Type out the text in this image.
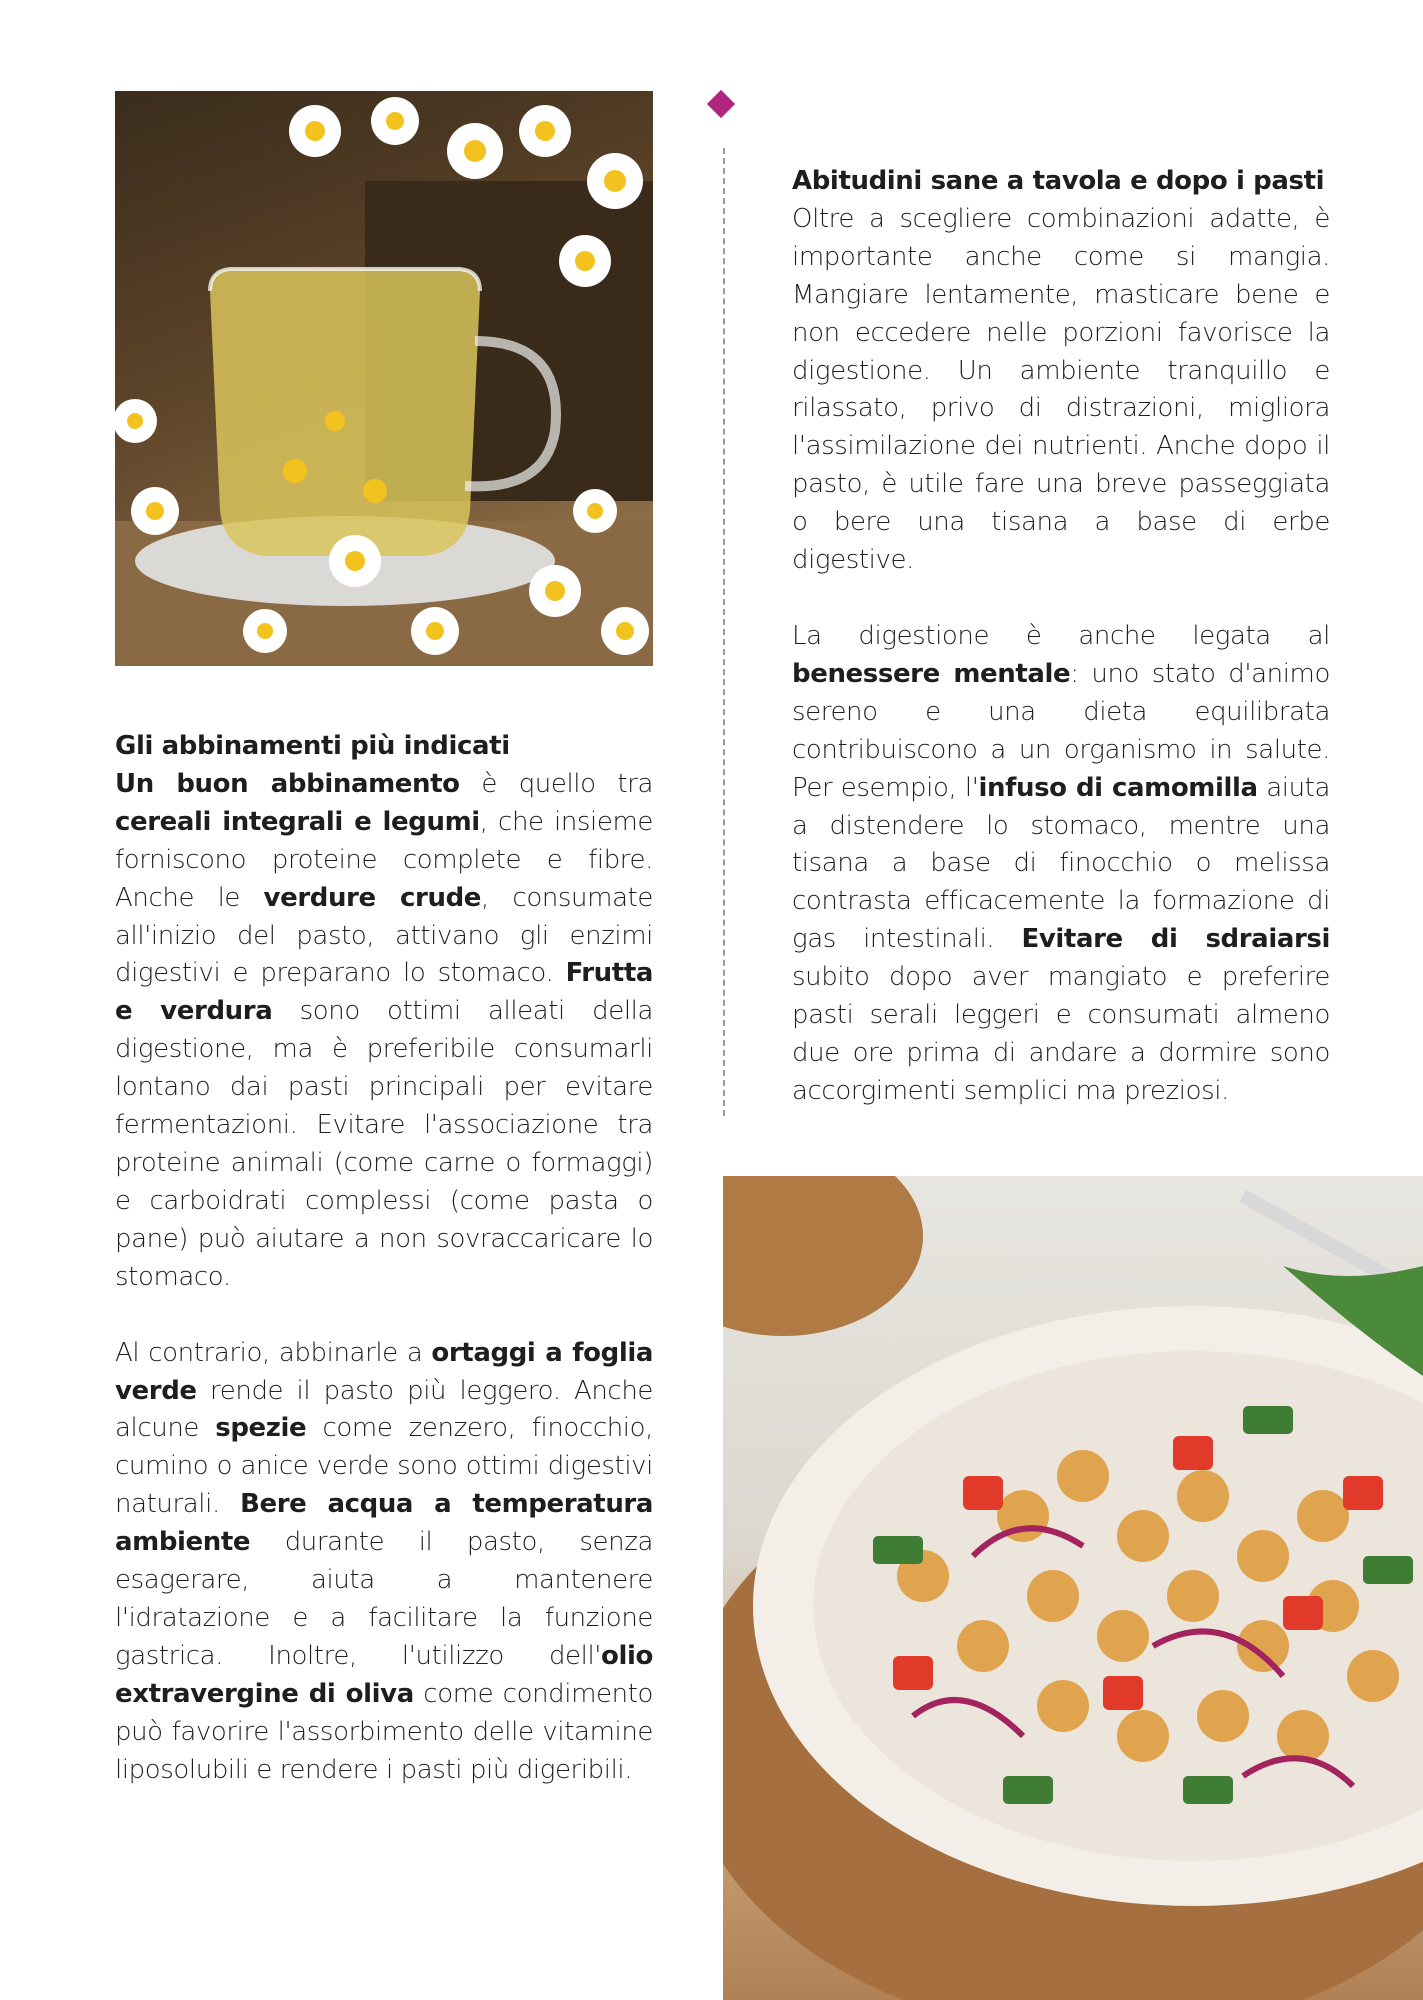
Abitudini sane a tavola e dopo i pasti

Oltre a scegliere combinazioni adatte, è importante anche come si mangia. Mangiare lentamente, masticare bene e non eccedere nelle porzioni favorisce la digestione. Un ambiente tranquillo e rilassato, privo di distrazioni, migliora l'assimilazione dei nutrienti. Anche dopo il pasto, è utile fare una breve passeggiata o bere una tisana a base di erbe digestive.

La digestione è anche legata al benessere mentale: uno stato d'animo sereno e una dieta equilibrata contribuiscono a un organismo in salute. Per esempio, l'infuso di camomilla aiuta a distendere lo stomaco, mentre una tisana a base di finocchio o melissa contrasta efficacemente la formazione di gas intestinali. Evitare di sdraiarsi subito dopo aver mangiato e preferire pasti serali leggeri e consumati almeno due ore prima di andare a dormire sono accorgimenti semplici ma preziosi.

Gli abbinamenti più indicati

Un buon abbinamento è quello tra cereali integrali e legumi, che insieme forniscono proteine complete e fibre. Anche le verdure crude, consumate all'inizio del pasto, attivano gli enzimi digestivi e preparano lo stomaco. Frutta e verdura sono ottimi alleati della digestione, ma è preferibile consumarli lontano dai pasti principali per evitare fermentazioni. Evitare l'associazione tra proteine animali (come carne o formaggi) e carboidrati complessi (come pasta o pane) può aiutare a non sovraccaricare lo stomaco.

Al contrario, abbinarle a ortaggi a foglia verde rende il pasto più leggero. Anche alcune spezie come zenzero, finocchio, cumino o anice verde sono ottimi digestivi naturali. Bere acqua a temperatura ambiente durante il pasto, senza esagerare, aiuta a mantenere l'idratazione e a facilitare la funzione gastrica. Inoltre, l'utilizzo dell'olio extravergine di oliva come condimento può favorire l'assorbimento delle vitamine liposolubili e rendere i pasti più digeribili.
